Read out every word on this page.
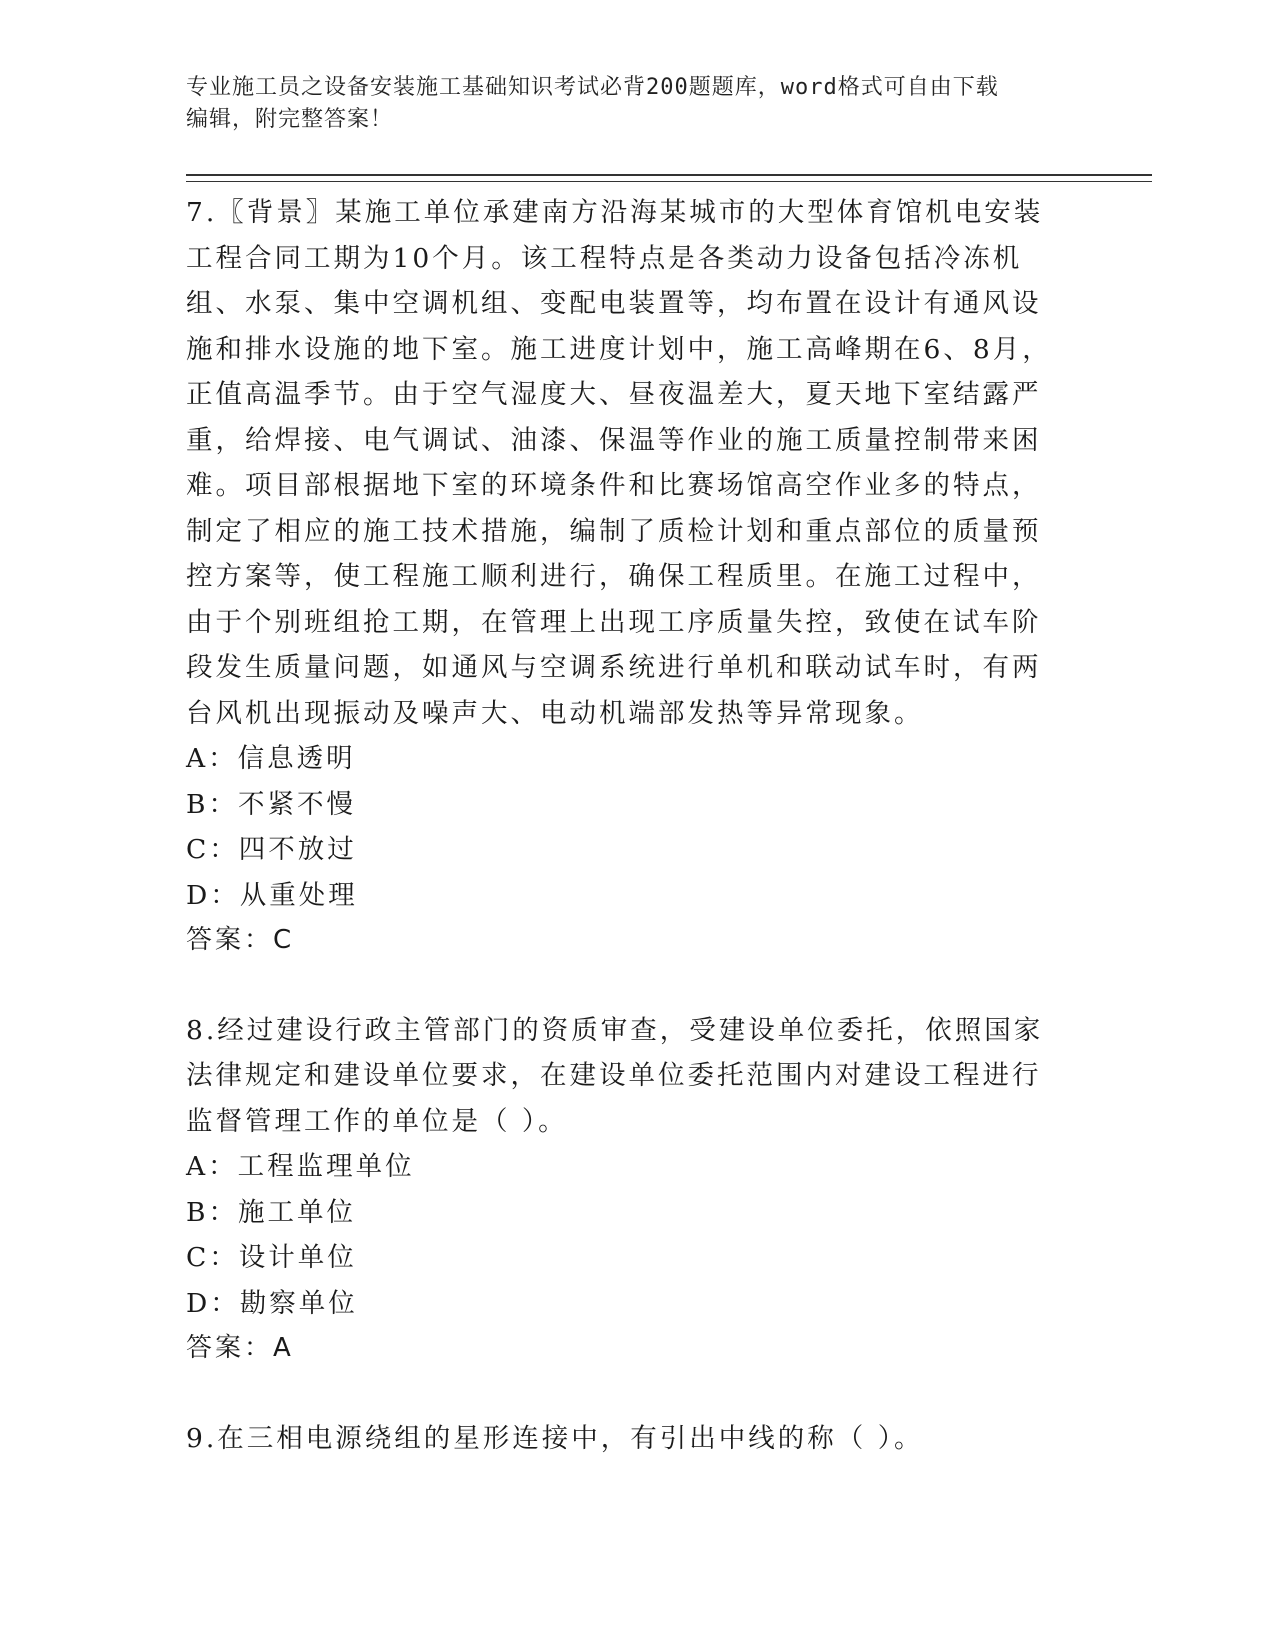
专业施工员之设备安装施工基础知识考试必背200题题库，word格式可自由下载
编辑，附完整答案！
7.〖背景〗某施工单位承建南方沿海某城市的大型体育馆机电安装工程合同工期为10个月。该工程特点是各类动力设备包括冷冻机组、水泵、集中空调机组、变配电装置等，均布置在设计有通风设施和排水设施的地下室。施工进度计划中，施工高峰期在6、8月，正值高温季节。由于空气湿度大、昼夜温差大，夏天地下室结露严重，给焊接、电气调试、油漆、保温等作业的施工质量控制带来困难。项目部根据地下室的环境条件和比赛场馆高空作业多的特点，制定了相应的施工技术措施，编制了质检计划和重点部位的质量预控方案等，使工程施工顺利进行，确保工程质里。在施工过程中，由于个别班组抢工期，在管理上出现工序质量失控，致使在试车阶段发生质量问题，如通风与空调系统进行单机和联动试车时，有两台风机出现振动及噪声大、电动机端部发热等异常现象。
A：信息透明
B：不紧不慢
C：四不放过
D：从重处理
答案：C
8.经过建设行政主管部门的资质审查，受建设单位委托，依照国家法律规定和建设单位要求，在建设单位委托范围内对建设工程进行监督管理工作的单位是（ ）。
A：工程监理单位
B：施工单位
C：设计单位
D：勘察单位
答案：A
9.在三相电源绕组的星形连接中，有引出中线的称（ ）。
